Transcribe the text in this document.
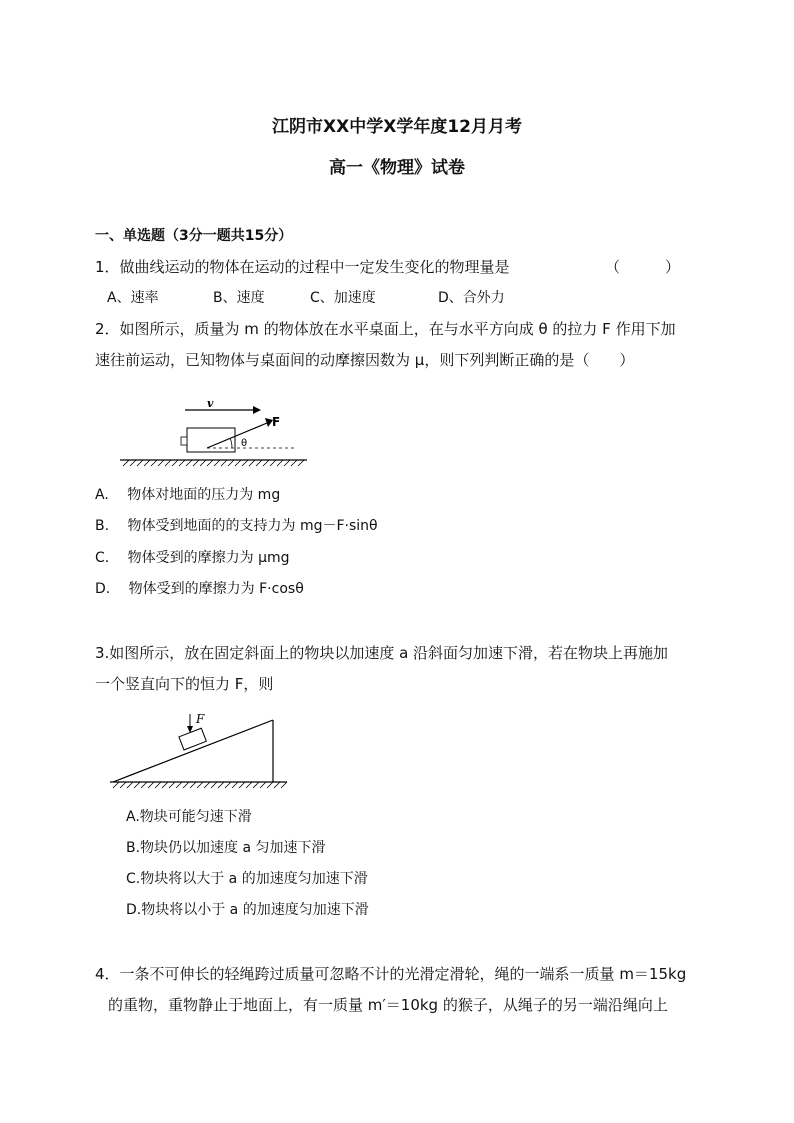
江阴市XX中学X学年度12月月考
高一《物理》试卷
一、单选题（3分一题共15分）
1．做曲线运动的物体在运动的过程中一定发生变化的物理量是	（　　　）
A、速率	B、速度	C、加速度	D、合外力
2．如图所示，质量为 m 的物体放在水平桌面上，在与水平方向成 θ 的拉力 F 作用下加
速往前运动，已知物体与桌面间的动摩擦因数为 μ，则下列判断正确的是（　　）
v
F
θ
A.　 物体对地面的压力为 mg
B.　 物体受到地面的的支持力为 mg－F·sinθ
C.　 物体受到的摩擦力为 μmg
D.　 物体受到的摩擦力为 F·cosθ
3.如图所示，放在固定斜面上的物块以加速度 a 沿斜面匀加速下滑，若在物块上再施加
一个竖直向下的恒力 F，则
F
A.物块可能匀速下滑
B.物块仍以加速度 a 匀加速下滑
C.物块将以大于 a 的加速度匀加速下滑
D.物块将以小于 a 的加速度匀加速下滑
4．一条不可伸长的轻绳跨过质量可忽略不计的光滑定滑轮，绳的一端系一质量 m＝15kg
的重物，重物静止于地面上，有一质量 m′＝10kg 的猴子，从绳子的另一端沿绳向上
